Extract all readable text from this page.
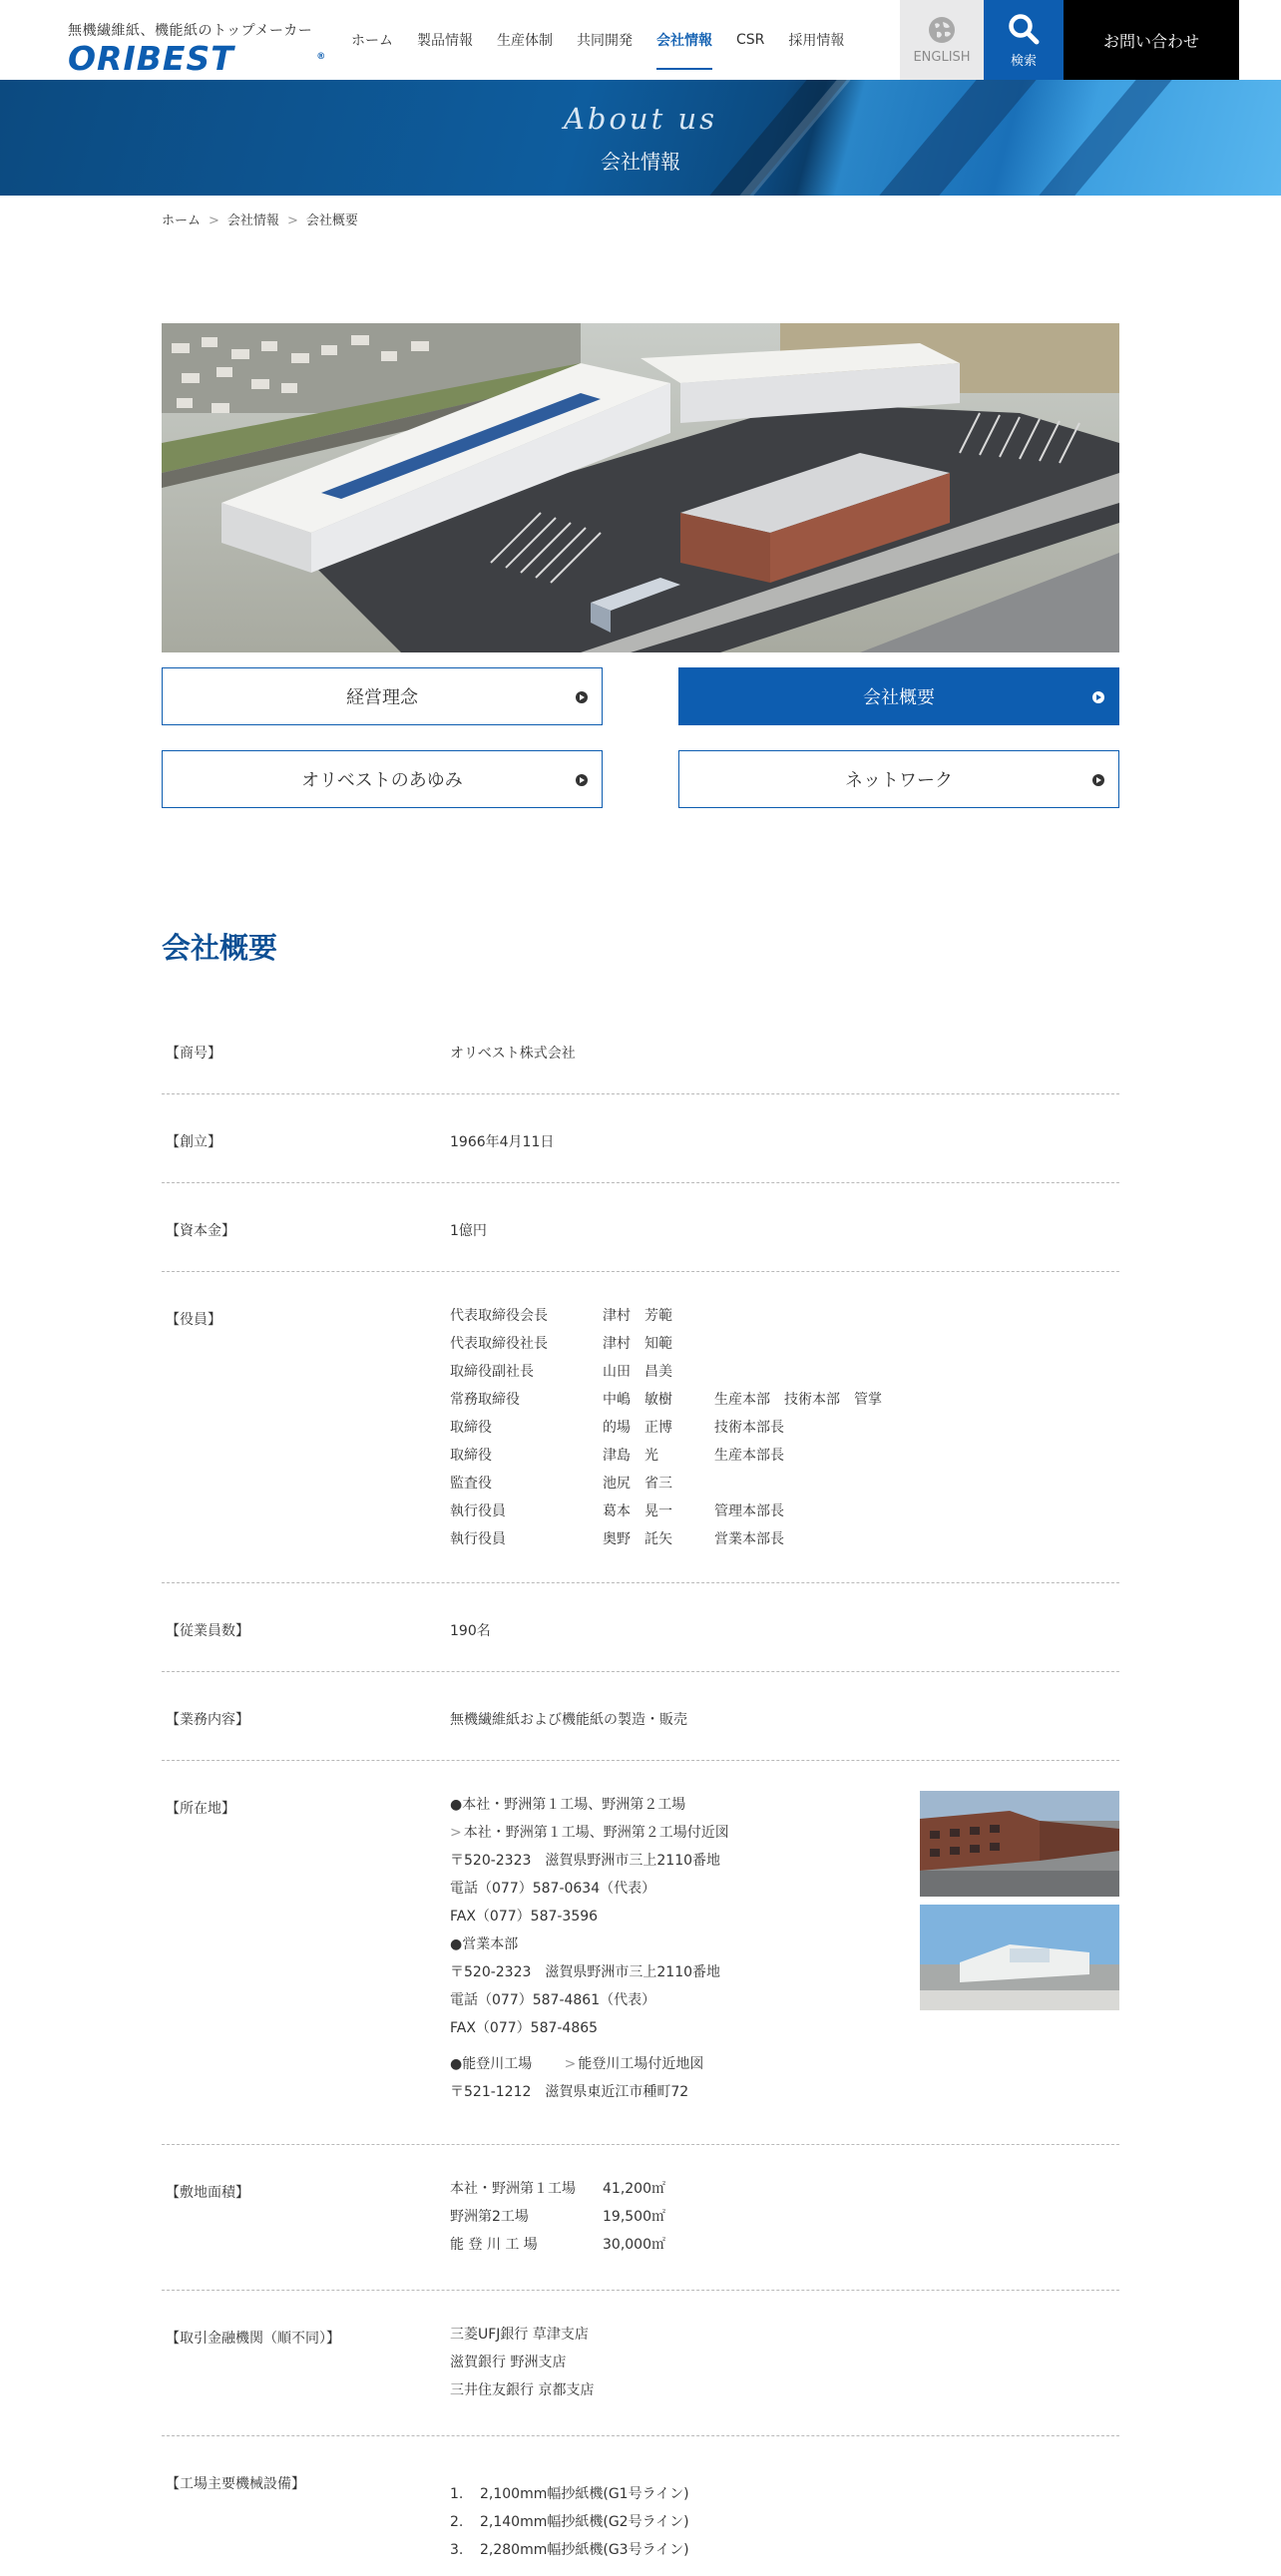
無機繊維紙、機能紙のトップメーカー
ORIBEST	®
ホーム	製品情報	生産体制	共同開発	会社情報	CSR	採用情報
ENGLISH	検索
お問い合わせ
About us
会社情報
ホーム > 会社情報 > 会社概要
経営理念	会社概要
オリベストのあゆみ	ネットワーク
会社概要
【商号】	オリベスト株式会社
【創立】	1966年4月11日
【資本金】	1億円
【役員】	代表取締役会長	津村　芳範
代表取締役社長	津村　知範
取締役副社長	山田　昌美
常務取締役	中嶋　敏樹	生産本部　技術本部　管掌
取締役	的場　正博	技術本部長
取締役	津島　光	生産本部長
監査役	池尻　省三
執行役員	葛本　晃一	管理本部長
執行役員	奥野　託矢	営業本部長
【従業員数】	190名
【業務内容】	無機繊維紙および機能紙の製造・販売
【所在地】	●本社・野洲第１工場、野洲第２工場
> 本社・野洲第１工場、野洲第２工場付近図
〒520-2323　滋賀県野洲市三上2110番地
電話（077）587-0634（代表）
FAX（077）587-3596
●営業本部
〒520-2323　滋賀県野洲市三上2110番地
電話（077）587-4861（代表）
FAX（077）587-4865
●能登川工場 > 能登川工場付近地図
〒521-1212　滋賀県東近江市種町72
【敷地面積】	本社・野洲第１工場	41,200㎡
野洲第2工場	19,500㎡
能 登 川 工 場	30,000㎡
【取引金融機関（順不同）】	三菱UFJ銀行 草津支店
滋賀銀行 野洲支店
三井住友銀行 京都支店
【工場主要機械設備】
1. 2,100mm幅抄紙機(G1号ライン)
2. 2,140mm幅抄紙機(G2号ライン)
3. 2,280mm幅抄紙機(G3号ライン)
